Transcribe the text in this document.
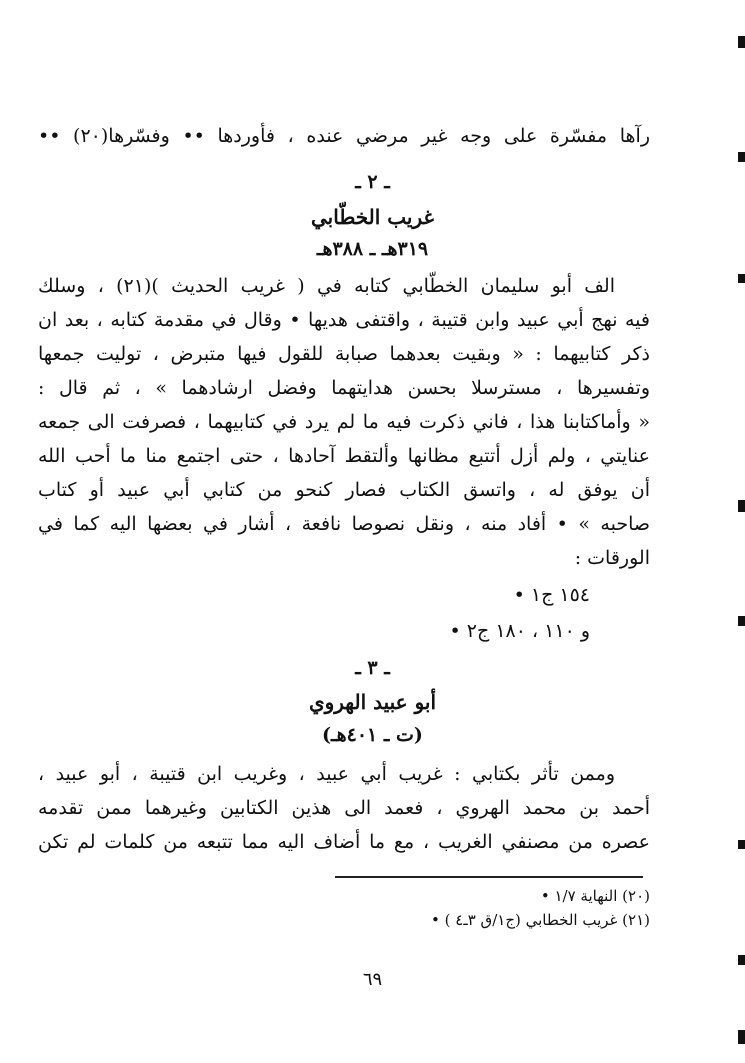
رآها مفسّرة على وجه غير مرضي عنده ، فأوردها •• وفسّرها(٢٠) ••
ـ ٢ ـ
غريب الخطّابي
٣١٩هـ ـ ٣٨٨هـ
الف أبو سليمان الخطّابي كتابه في ( غريب الحديث )(٢١) ، وسلك
فيه نهج أبي عبيد وابن قتيبة ، واقتفى هديها • وقال في مقدمة كتابه ، بعد ان
ذكر كتابيهما : « وبقيت بعدهما صبابة للقول فيها متبرض ، توليت جمعها
وتفسيرها ، مسترسلا بحسن هدايتهما وفضل ارشادهما » ، ثم قال :
« وأماكتابنا هذا ، فاني ذكرت فيه ما لم يرد في كتابيهما ، فصرفت الى جمعه
عنايتي ، ولم أزل أتتبع مظانها وألتقط آحادها ، حتى اجتمع منا ما أحب الله
أن يوفق له ، واتسق الكتاب فصار كنحو من كتابي أبي عبيد أو كتاب
صاحبه » • أفاد منه ، ونقل نصوصا نافعة ، أشار في بعضها اليه كما في
الورقات :
١٥٤ ج١ •
و ١١٠ ، ١٨٠ ج٢ •
ـ ٣ ـ
أبو عبيد الهروي
(ت ـ ٤٠١هـ)
وممن تأثر بكتابي : غريب أبي عبيد ، وغريب ابن قتيبة ، أبو عبيد ،
أحمد بن محمد الهروي ، فعمد الى هذين الكتابين وغيرهما ممن تقدمه
عصره من مصنفي الغريب ، مع ما أضاف اليه مما تتبعه من كلمات لم تكن
(٢٠) النهاية ١/٧ •
(٢١) غريب الخطابي (ج١/ق ٣ـ٤ ) •
٦٩
